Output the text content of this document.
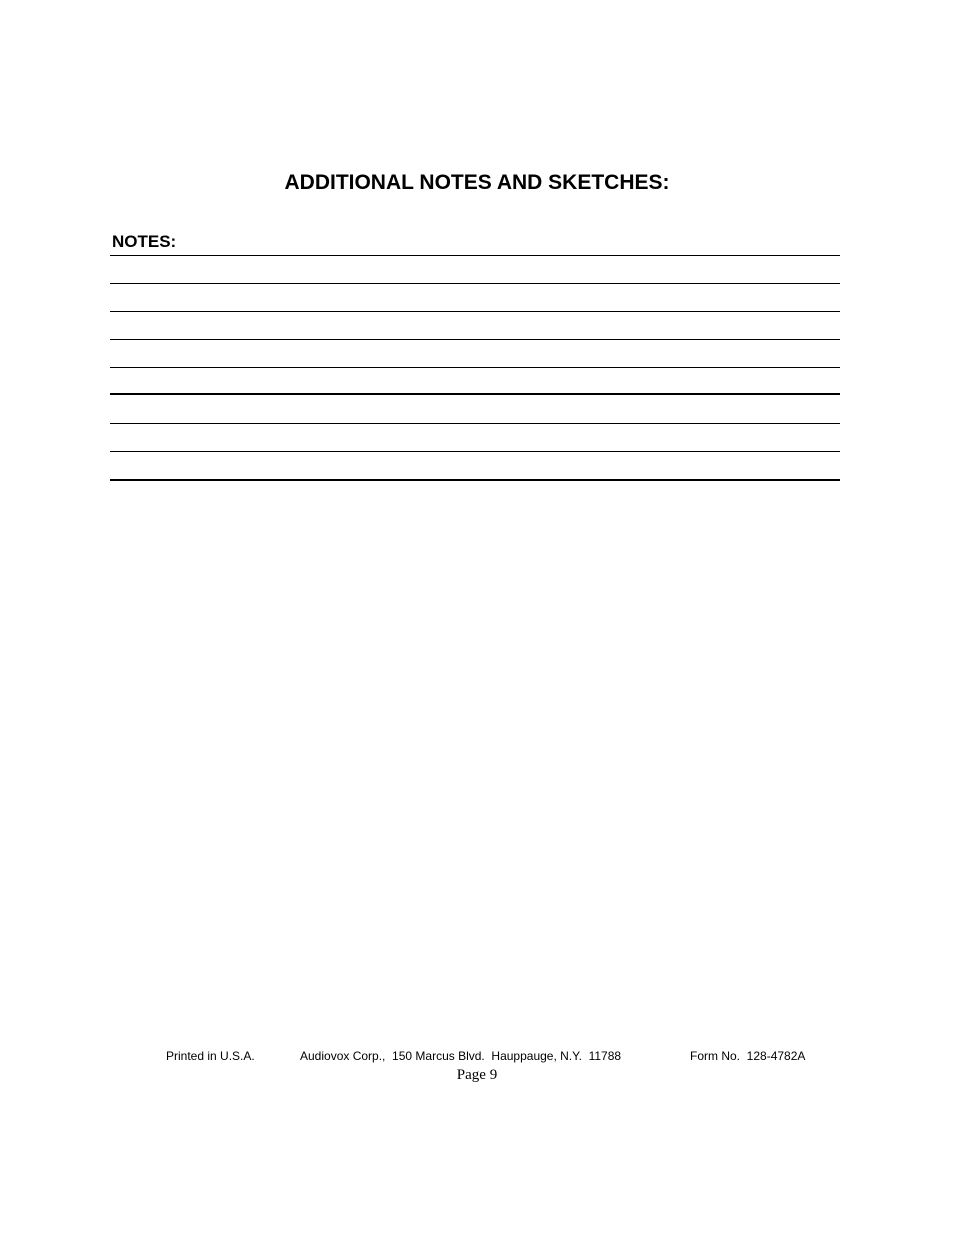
ADDITIONAL NOTES AND SKETCHES:
NOTES:
Printed in U.S.A.	Audiovox Corp.,  150 Marcus Blvd.  Hauppauge, N.Y.  11788	Form No.  128-4782A
Page 9
